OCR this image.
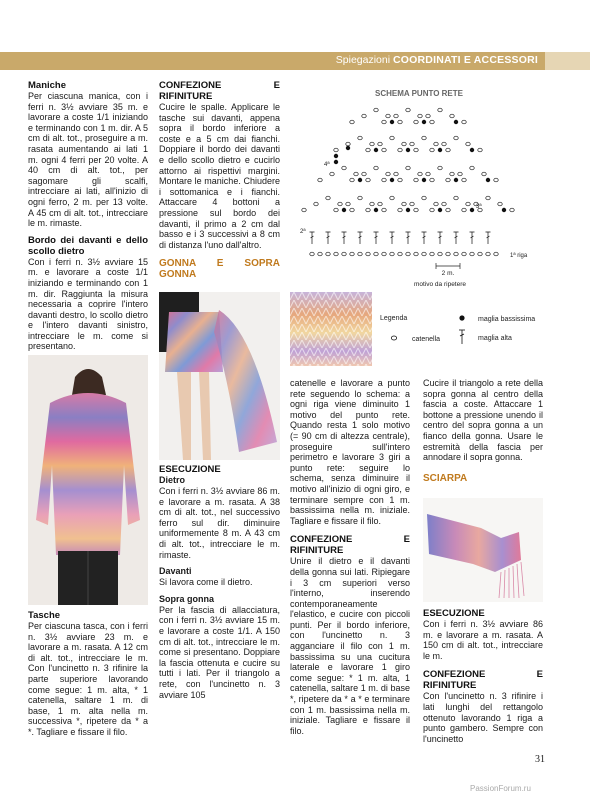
Spiegazioni COORDINATI E ACCESSORI

Maniche

Per ciascuna manica, con i ferri n. 3½ avviare 35 m. e lavorare a coste 1/1 iniziando e terminando con 1 m. dir. A 5 cm di alt. tot., proseguire a m. rasata aumentando ai lati 1 m. ogni 4 ferri per 20 volte. A 40 cm di alt. tot., per sagomare gli scalfi, intrecciare ai lati, all'inizio di ogni ferro, 2 m. per 13 volte. A 45 cm di alt. tot., intrecciare le m. rimaste.

Bordo dei davanti e dello scollo dietro

Con i ferri n. 3½ avviare 15 m. e lavorare a coste 1/1 iniziando e terminando con 1 m. dir. Raggiunta la misura necessaria a coprire l'intero davanti destro, lo scollo dietro e l'intero davanti sinistro, intrecciare le m. come si presentano.

Tasche

Per ciascuna tasca, con i ferri n. 3½ avviare 23 m. e lavorare a m. rasata. A 12 cm di alt. tot., intrecciare le m. Con l'uncinetto n. 3 rifinire la parte superiore lavorando come segue: 1 m. alta, * 1 catenella, saltare 1 m. di base, 1 m. alta nella m. successiva *, ripetere da * a *. Tagliare e fissare il filo.

CONFEZIONE E RIFINITURE

Cucire le spalle. Applicare le tasche sui davanti, appena sopra il bordo inferiore a coste e a 5 cm dai fianchi. Doppiare il bordo dei davanti e dello scollo dietro e cucirlo attorno ai rispettivi margini. Montare le maniche. Chiudere i sottomanica e i fianchi. Attaccare 4 bottoni a pressione sul bordo dei davanti, il primo a 2 cm dal basso e i 3 successivi a 8 cm di distanza l'uno dall'altro.

GONNA E SOPRA GONNA

ESECUZIONE

Dietro

Con i ferri n. 3½ avviare 86 m. e lavorare a m. rasata. A 38 cm di alt. tot., nel successivo ferro sul dir. diminuire uniformemente 8 m. A 43 cm di alt. tot., intrecciare le m. rimaste.

Davanti

Si lavora come il dietro.

Sopra gonna

Per la fascia di allacciatura, con i ferri n. 3½ avviare 15 m. e lavorare a coste 1/1. A 150 cm di alt. tot., intrecciare le m. come si presentano. Doppiare la fascia ottenuta e cucire su tutti i lati. Per il triangolo a rete, con l'uncinetto n. 3 avviare 105

SCHEMA PUNTO RETE
4ª
3ª
2ª
1ª riga
2 m.
motivo da ripetere
Legenda	maglia bassissima
catenella	maglia alta

catenelle e lavorare a punto rete seguendo lo schema: a ogni riga viene diminuito 1 motivo del punto rete. Quando resta 1 solo motivo (= 90 cm di altezza centrale), proseguire sull'intero perimetro e lavorare 3 giri a punto rete: seguire lo schema, senza diminuire il motivo all'inizio di ogni giro, e terminare sempre con 1 m. bassissima nella m. iniziale. Tagliare e fissare il filo.

CONFEZIONE E RIFINITURE

Unire il dietro e il davanti della gonna sui lati. Ripiegare i 3 cm superiori verso l'interno, inserendo contemporaneamente l'elastico, e cucire con piccoli punti. Per il bordo inferiore, con l'uncinetto n. 3 agganciare il filo con 1 m. bassissima su una cucitura laterale e lavorare 1 giro come segue: * 1 m. alta, 1 catenella, saltare 1 m. di base *, ripetere da * a * e terminare con 1 m. bassissima nella m. iniziale. Tagliare e fissare il filo.

Cucire il triangolo a rete della sopra gonna al centro della fascia a coste. Attaccare 1 bottone a pressione unendo il centro del sopra gonna a un fianco della gonna. Usare le estremità della fascia per annodare il sopra gonna.

SCIARPA

ESECUZIONE

Con i ferri n. 3½ avviare 86 m. e lavorare a m. rasata. A 150 cm di alt. tot., intrecciare le m.

CONFEZIONE E RIFINITURE

Con l'uncinetto n. 3 rifinire i lati lunghi del rettangolo ottenuto lavorando 1 riga a punto gambero. Sempre con l'uncinetto

31
PassionForum.ru
